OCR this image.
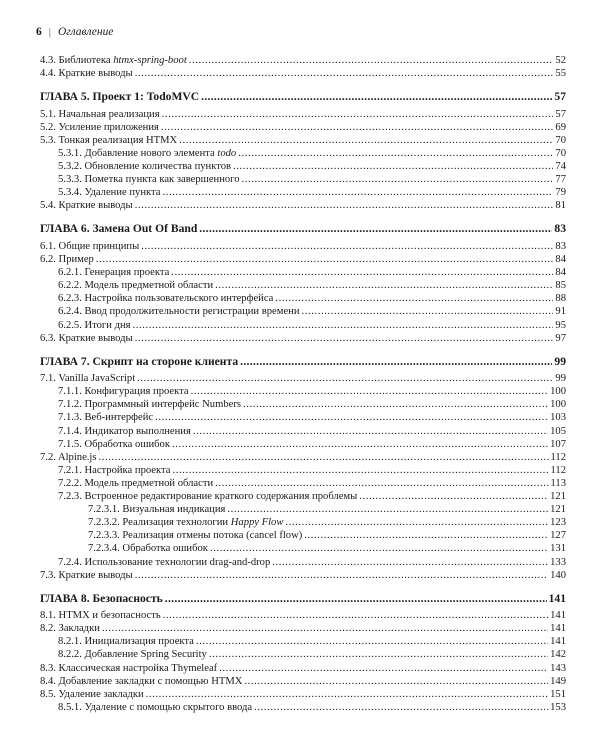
6 | Оглавление
4.3. Библиотека htmx-spring-boot .....	52
4.4. Краткие выводы .....	55
ГЛАВА 5. Проект 1: TodoMVC .....	57
5.1. Начальная реализация .....	57
5.2. Усиление приложения .....	69
5.3. Тонкая реализация HTMX .....	70
5.3.1. Добавление нового элемента todo .....	70
5.3.2. Обновление количества пунктов .....	74
5.3.3. Пометка пункта как завершенного .....	77
5.3.4. Удаление пункта .....	79
5.4. Краткие выводы .....	81
ГЛАВА 6. Замена Out Of Band .....	83
6.1. Общие принципы .....	83
6.2. Пример .....	84
6.2.1. Генерация проекта .....	84
6.2.2. Модель предметной области .....	85
6.2.3. Настройка пользовательского интерфейса .....	88
6.2.4. Ввод продолжительности регистрации времени .....	91
6.2.5. Итоги дня .....	95
6.3. Краткие выводы .....	97
ГЛАВА 7. Скрипт на стороне клиента .....	99
7.1. Vanilla JavaScript .....	99
7.1.1. Конфигурация проекта .....	100
7.1.2. Программный интерфейс Numbers .....	100
7.1.3. Веб-интерфейс .....	103
7.1.4. Индикатор выполнения .....	105
7.1.5. Обработка ошибок .....	107
7.2. Alpine.js .....	112
7.2.1. Настройка проекта .....	112
7.2.2. Модель предметной области .....	113
7.2.3. Встроенное редактирование краткого содержания проблемы .....	121
7.2.3.1. Визуальная индикация .....	121
7.2.3.2. Реализация технологии Happy Flow .....	123
7.2.3.3. Реализация отмены потока (cancel flow) .....	127
7.2.3.4. Обработка ошибок .....	131
7.2.4. Использование технологии drag-and-drop .....	133
7.3. Краткие выводы .....	140
ГЛАВА 8. Безопасность .....	141
8.1. HTMX и безопасность .....	141
8.2. Закладки .....	141
8.2.1. Инициализация проекта .....	141
8.2.2. Добавление Spring Security .....	142
8.3. Классическая настройка Thymeleaf .....	143
8.4. Добавление закладки с помощью HTMX .....	149
8.5. Удаление закладки .....	151
8.5.1. Удаление с помощью скрытого ввода .....	153
